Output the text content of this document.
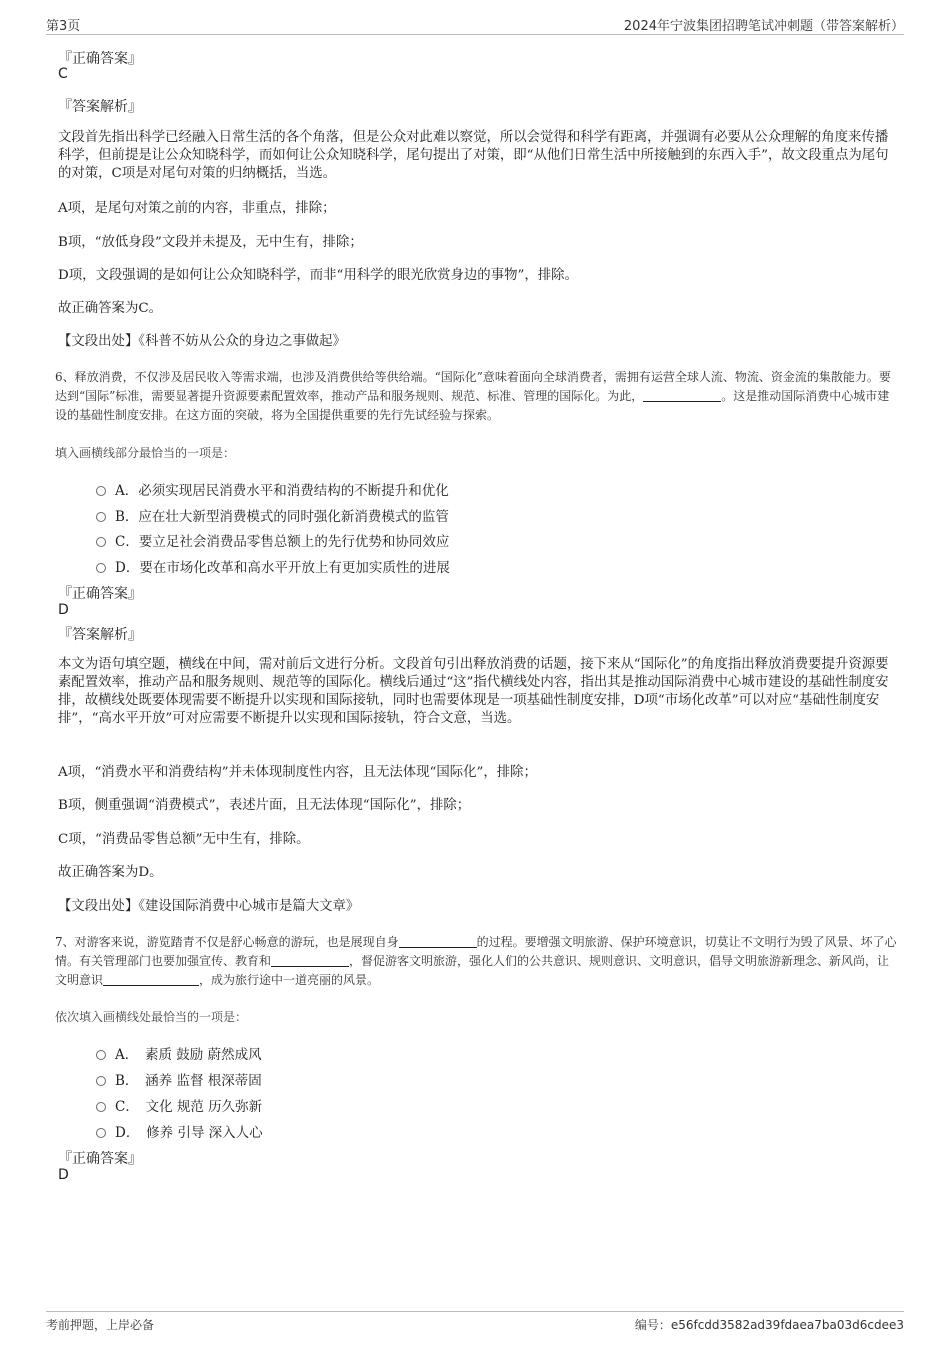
第3页	2024年宁波集团招聘笔试冲刺题（带答案解析）
『正确答案』
C
『答案解析』
文段首先指出科学已经融入日常生活的各个角落，但是公众对此难以察觉，所以会觉得和科学有距离，并强调有必要从公众理解的角度来传播科学，但前提是让公众知晓科学，而如何让公众知晓科学，尾句提出了对策，即“从他们日常生活中所接触到的东西入手”，故文段重点为尾句的对策，C项是对尾句对策的归纳概括，当选。
A项，是尾句对策之前的内容，非重点，排除；
B项，“放低身段”文段并未提及，无中生有，排除；
D项，文段强调的是如何让公众知晓科学，而非“用科学的眼光欣赏身边的事物”，排除。
故正确答案为C。
【文段出处】《科普不妨从公众的身边之事做起》
6、释放消费，不仅涉及居民收入等需求端，也涉及消费供给等供给端。“国际化”意味着面向全球消费者，需拥有运营全球人流、物流、资金流的集散能力。要达到“国际”标准，需要显著提升资源要素配置效率，推动产品和服务规则、规范、标准、管理的国际化。为此，	。这是推动国际消费中心城市建设的基础性制度安排。在这方面的突破，将为全国提供重要的先行先试经验与探索。
填入画横线部分最恰当的一项是：
A．必须实现居民消费水平和消费结构的不断提升和优化
B．应在壮大新型消费模式的同时强化新消费模式的监管
C．要立足社会消费品零售总额上的先行优势和协同效应
D．要在市场化改革和高水平开放上有更加实质性的进展
『正确答案』
D
『答案解析』
本文为语句填空题，横线在中间，需对前后文进行分析。文段首句引出释放消费的话题，接下来从“国际化”的角度指出释放消费要提升资源要素配置效率，推动产品和服务规则、规范等的国际化。横线后通过“这”指代横线处内容，指出其是推动国际消费中心城市建设的基础性制度安排，故横线处既要体现需要不断提升以实现和国际接轨，同时也需要体现是一项基础性制度安排，D项“市场化改革”可以对应“基础性制度安排”，“高水平开放”可对应需要不断提升以实现和国际接轨，符合文意，当选。
A项，“消费水平和消费结构”并未体现制度性内容，且无法体现“国际化”，排除；
B项，侧重强调“消费模式”，表述片面，且无法体现“国际化”，排除；
C项，“消费品零售总额”无中生有，排除。
故正确答案为D。
【文段出处】《建设国际消费中心城市是篇大文章》
7、对游客来说，游览踏青不仅是舒心畅意的游玩，也是展现自身	的过程。要增强文明旅游、保护环境意识，切莫让不文明行为毁了风景、坏了心情。有关管理部门也要加强宣传、教育和	，督促游客文明旅游，强化人们的公共意识、规则意识、文明意识，倡导文明旅游新理念、新风尚，让文明意识	，成为旅行途中一道亮丽的风景。
依次填入画横线处最恰当的一项是：
A．　素质 鼓励 蔚然成风
B．　涵养 监督 根深蒂固
C．　文化 规范 历久弥新
D．　修养 引导 深入人心
『正确答案』
D
考前押题，上岸必备	编号：e56fcdd3582ad39fdaea7ba03d6cdee3
